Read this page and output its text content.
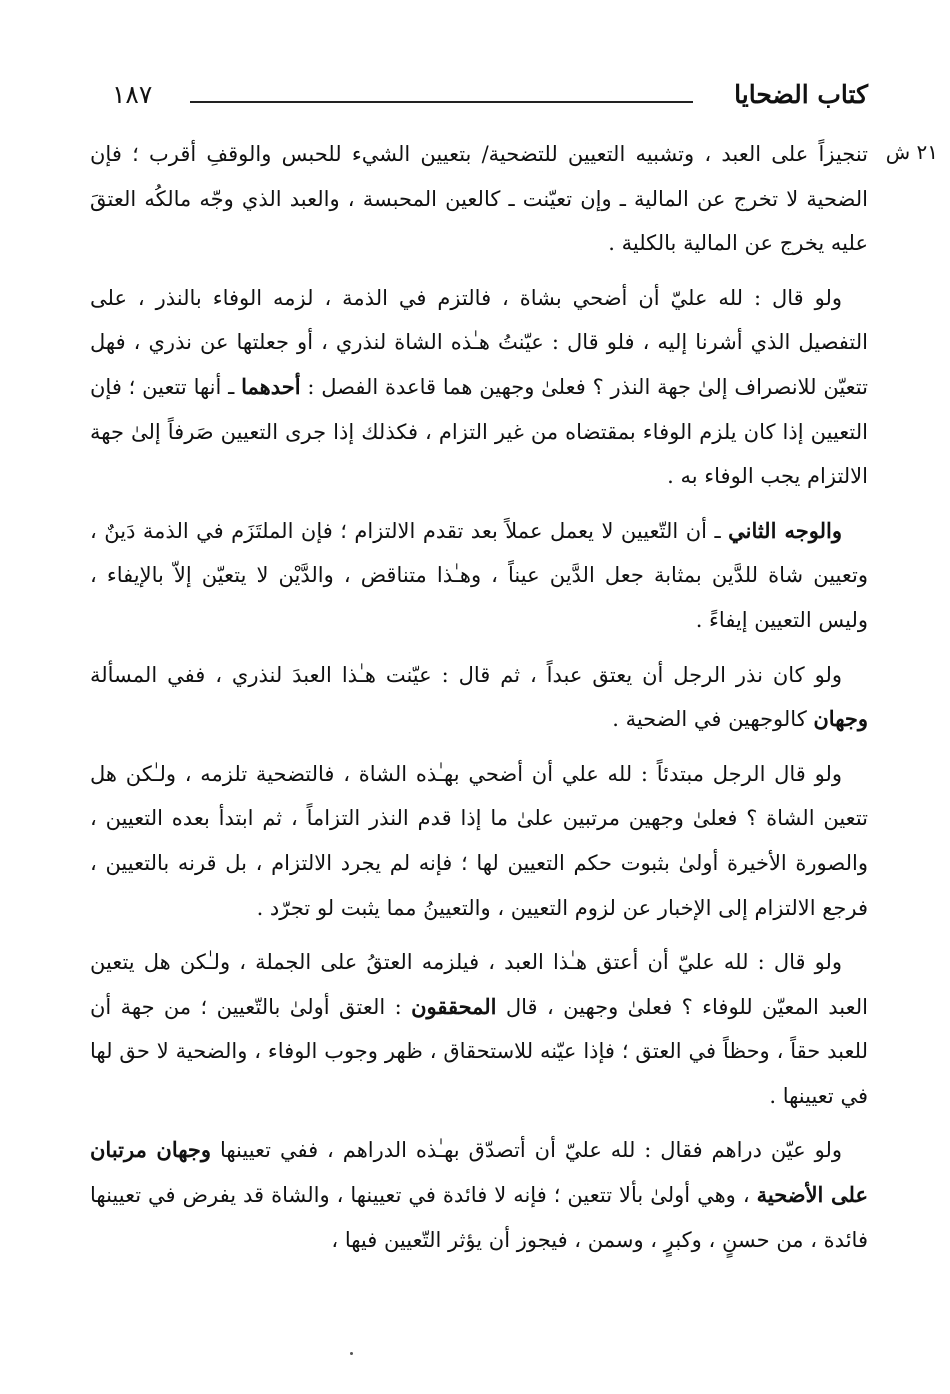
كتاب الضحايا
١٨٧
٢١ ش

تنجيزاً على العبد ، وتشبيه التعيين للتضحية/ بتعيين الشيء للحبس والوقفِ أقرب ؛ فإن الضحية لا تخرج عن المالية ـ وإن تعيّنت ـ كالعين المحبسة ، والعبد الذي وجّه مالكُه العتقَ عليه يخرج عن المالية بالكلية .

ولو قال : لله عليّ أن أضحي بشاة ، فالتزم في الذمة ، لزمه الوفاء بالنذر ، على التفصيل الذي أشرنا إليه ، فلو قال : عيّنتُ هـٰذه الشاة لنذري ، أو جعلتها عن نذري ، فهل تتعيّن للانصراف إلىٰ جهة النذر ؟ فعلىٰ وجهين هما قاعدة الفصل : أحدهما ـ أنها تتعين ؛ فإن التعيين إذا كان يلزم الوفاء بمقتضاه من غير التزام ، فكذلك إذا جرى التعيين صَرفاً إلىٰ جهة الالتزام يجب الوفاء به .

والوجه الثاني ـ أن التّعيين لا يعمل عملاً بعد تقدم الالتزام ؛ فإن الملتَزَم في الذمة دَينٌ ، وتعيين شاة للدَّين بمثابة جعل الدَّين عيناً ، وهـٰذا متناقض ، والدَّيْن لا يتعيّن إلاّ بالإيفاء ، وليس التعيين إيفاءً .

ولو كان نذر الرجل أن يعتق عبداً ، ثم قال : عيّنت هـٰذا العبدَ لنذري ، ففي المسألة وجهان كالوجهين في الضحية .

ولو قال الرجل مبتدئاً : لله علي أن أضحي بهـٰذه الشاة ، فالتضحية تلزمه ، ولـٰكن هل تتعين الشاة ؟ فعلىٰ وجهين مرتبين علىٰ ما إذا قدم النذر التزاماً ، ثم ابتدأ بعده التعيين ، والصورة الأخيرة أولىٰ بثبوت حكم التعيين لها ؛ فإنه لم يجرد الالتزام ، بل قرنه بالتعيين ، فرجع الالتزام إلى الإخبار عن لزوم التعيين ، والتعيينُ مما يثبت لو تجرّد .

ولو قال : لله عليّ أن أعتق هـٰذا العبد ، فيلزمه العتقُ على الجملة ، ولـٰكن هل يتعين العبد المعيّن للوفاء ؟ فعلىٰ وجهين ، قال المحققون : العتق أولىٰ بالتّعيين ؛ من جهة أن للعبد حقاً ، وحظاً في العتق ؛ فإذا عيّنه للاستحقاق ، ظهر وجوب الوفاء ، والضحية لا حق لها في تعيينها .

ولو عيّن دراهم فقال : لله عليّ أن أتصدّق بهـٰذه الدراهم ، ففي تعيينها وجهان مرتبان على الأضحية ، وهي أولىٰ بألا تتعين ؛ فإنه لا فائدة في تعيينها ، والشاة قد يفرض في تعيينها فائدة ، من حسنٍ ، وكبرٍ ، وسمن ، فيجوز أن يؤثر التّعيين فيها ،
